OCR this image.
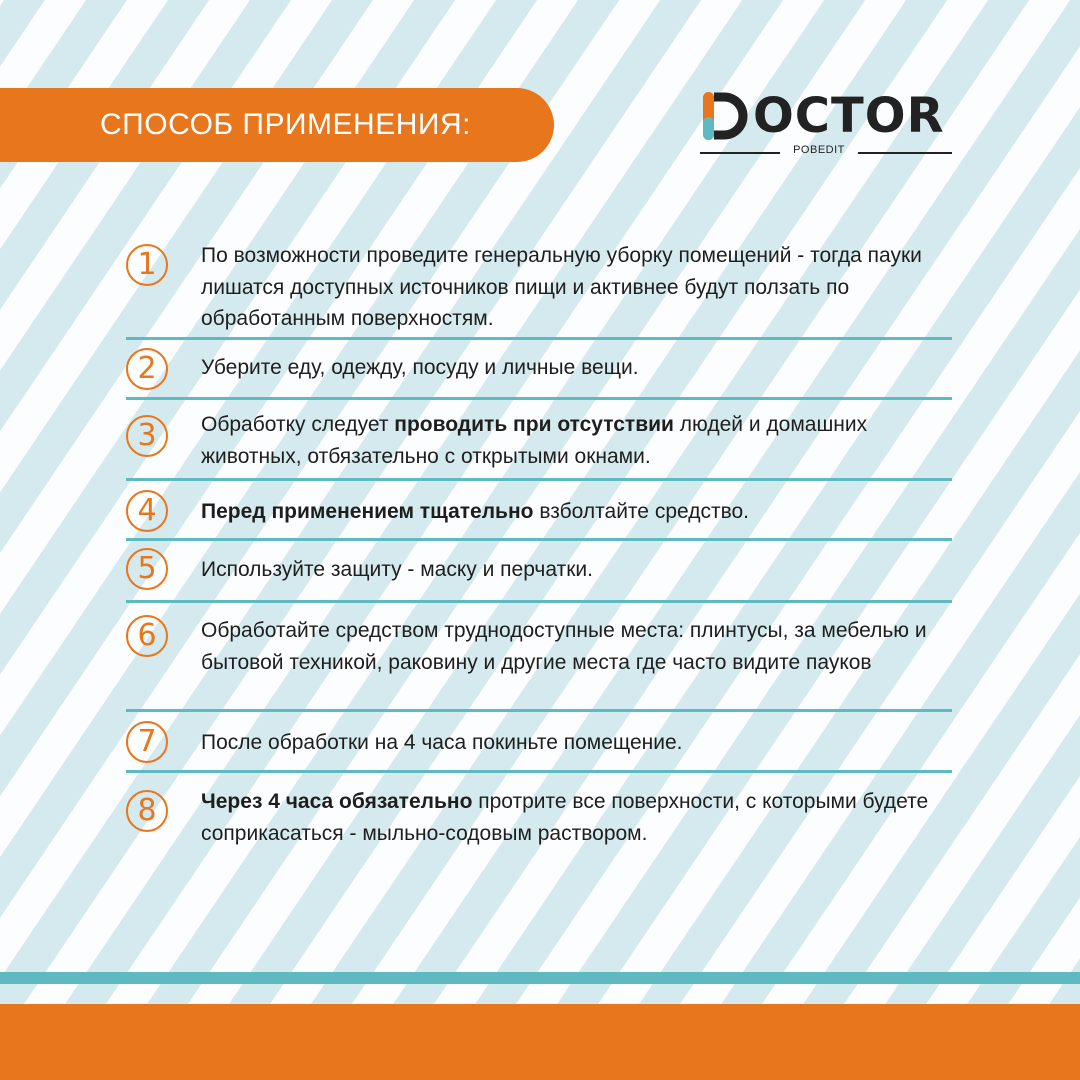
СПОСОБ ПРИМЕНЕНИЯ:	OCTOR
POBEDIT
1	По возможности проведите генеральную уборку помещений - тогда пауки лишатся доступных источников пищи и активнее будут ползать по обработанным поверхностям.
2	Уберите еду, одежду, посуду и личные вещи.
3	Обработку следует проводить при отсутствии людей и домашних животных, отбязательно с открытыми окнами.
4	Перед применением тщательно взболтайте средство.
5	Используйте защиту - маску и перчатки.
6	Обработайте средством труднодоступные места: плинтусы, за мебелью и бытовой техникой, раковину и другие места где часто видите пауков
7	После обработки на 4 часа покиньте помещение.
8	Через 4 часа обязательно протрите все поверхности, с которыми будете соприкасаться - мыльно-содовым раствором.
